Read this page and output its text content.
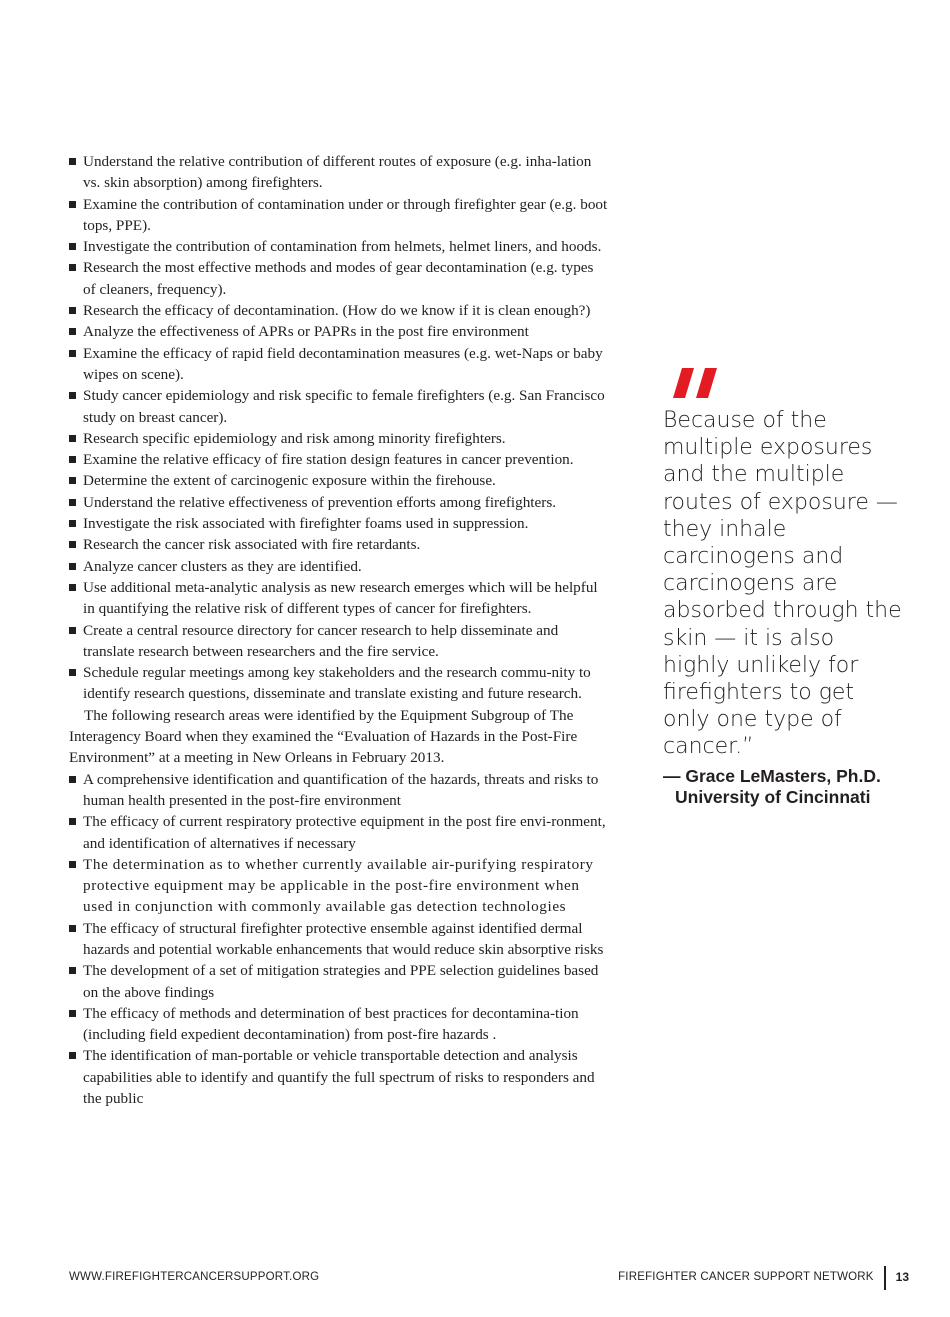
Understand the relative contribution of different routes of exposure (e.g. inha-lation vs. skin absorption) among firefighters.
Examine the contribution of contamination under or through firefighter gear (e.g. boot tops, PPE).
Investigate the contribution of contamination from helmets, helmet liners, and hoods.
Research the most effective methods and modes of gear decontamination (e.g. types of cleaners, frequency).
Research the efficacy of decontamination. (How do we know if it is clean enough?)
Analyze the effectiveness of APRs or PAPRs in the post fire environment
Examine the efficacy of rapid field decontamination measures (e.g. wet-Naps or baby wipes on scene).
Study cancer epidemiology and risk specific to female firefighters (e.g. San Francisco study on breast cancer).
Research specific epidemiology and risk among minority firefighters.
Examine the relative efficacy of fire station design features in cancer prevention.
Determine the extent of carcinogenic exposure within the firehouse.
Understand the relative effectiveness of prevention efforts among firefighters.
Investigate the risk associated with firefighter foams used in suppression.
Research the cancer risk associated with fire retardants.
Analyze cancer clusters as they are identified.
Use additional meta-analytic analysis as new research emerges which will be helpful in quantifying the relative risk of different types of cancer for firefighters.
Create a central resource directory for cancer research to help disseminate and translate research between researchers and the fire service.
Schedule regular meetings among key stakeholders and the research commu-nity to identify research questions, disseminate and translate existing and future research.

The following research areas were identified by the Equipment Subgroup of The Interagency Board when they examined the “Evaluation of Hazards in the Post-Fire Environment” at a meeting in New Orleans in February 2013.

A comprehensive identification and quantification of the hazards, threats and risks to human health presented in the post-fire environment
The efficacy of current respiratory protective equipment in the post fire envi-ronment, and identification of alternatives if necessary
The determination as to whether currently available air-purifying respiratory protective equipment may be applicable in the post-fire environment when used in conjunction with commonly available gas detection technologies
The efficacy of structural firefighter protective ensemble against identified dermal hazards and potential workable enhancements that would reduce skin absorptive risks
The development of a set of mitigation strategies and PPE selection guidelines based on the above findings
The efficacy of methods and determination of best practices for decontamina-tion (including field expedient decontamination) from post-fire hazards .
The identification of man-portable or vehicle transportable detection and analysis capabilities able to identify and quantify the full spectrum of risks to responders and the public
Because of the multiple exposures and the multiple routes of exposure — they inhale carcinogens and carcinogens are absorbed through the skin — it is also highly unlikely for firefighters to get only one type of cancer.”
— Grace LeMasters, Ph.D.
University of Cincinnati
WWW.FIREFIGHTERCANCERSUPPORT.ORG	FIREFIGHTER CANCER SUPPORT NETWORK 13
